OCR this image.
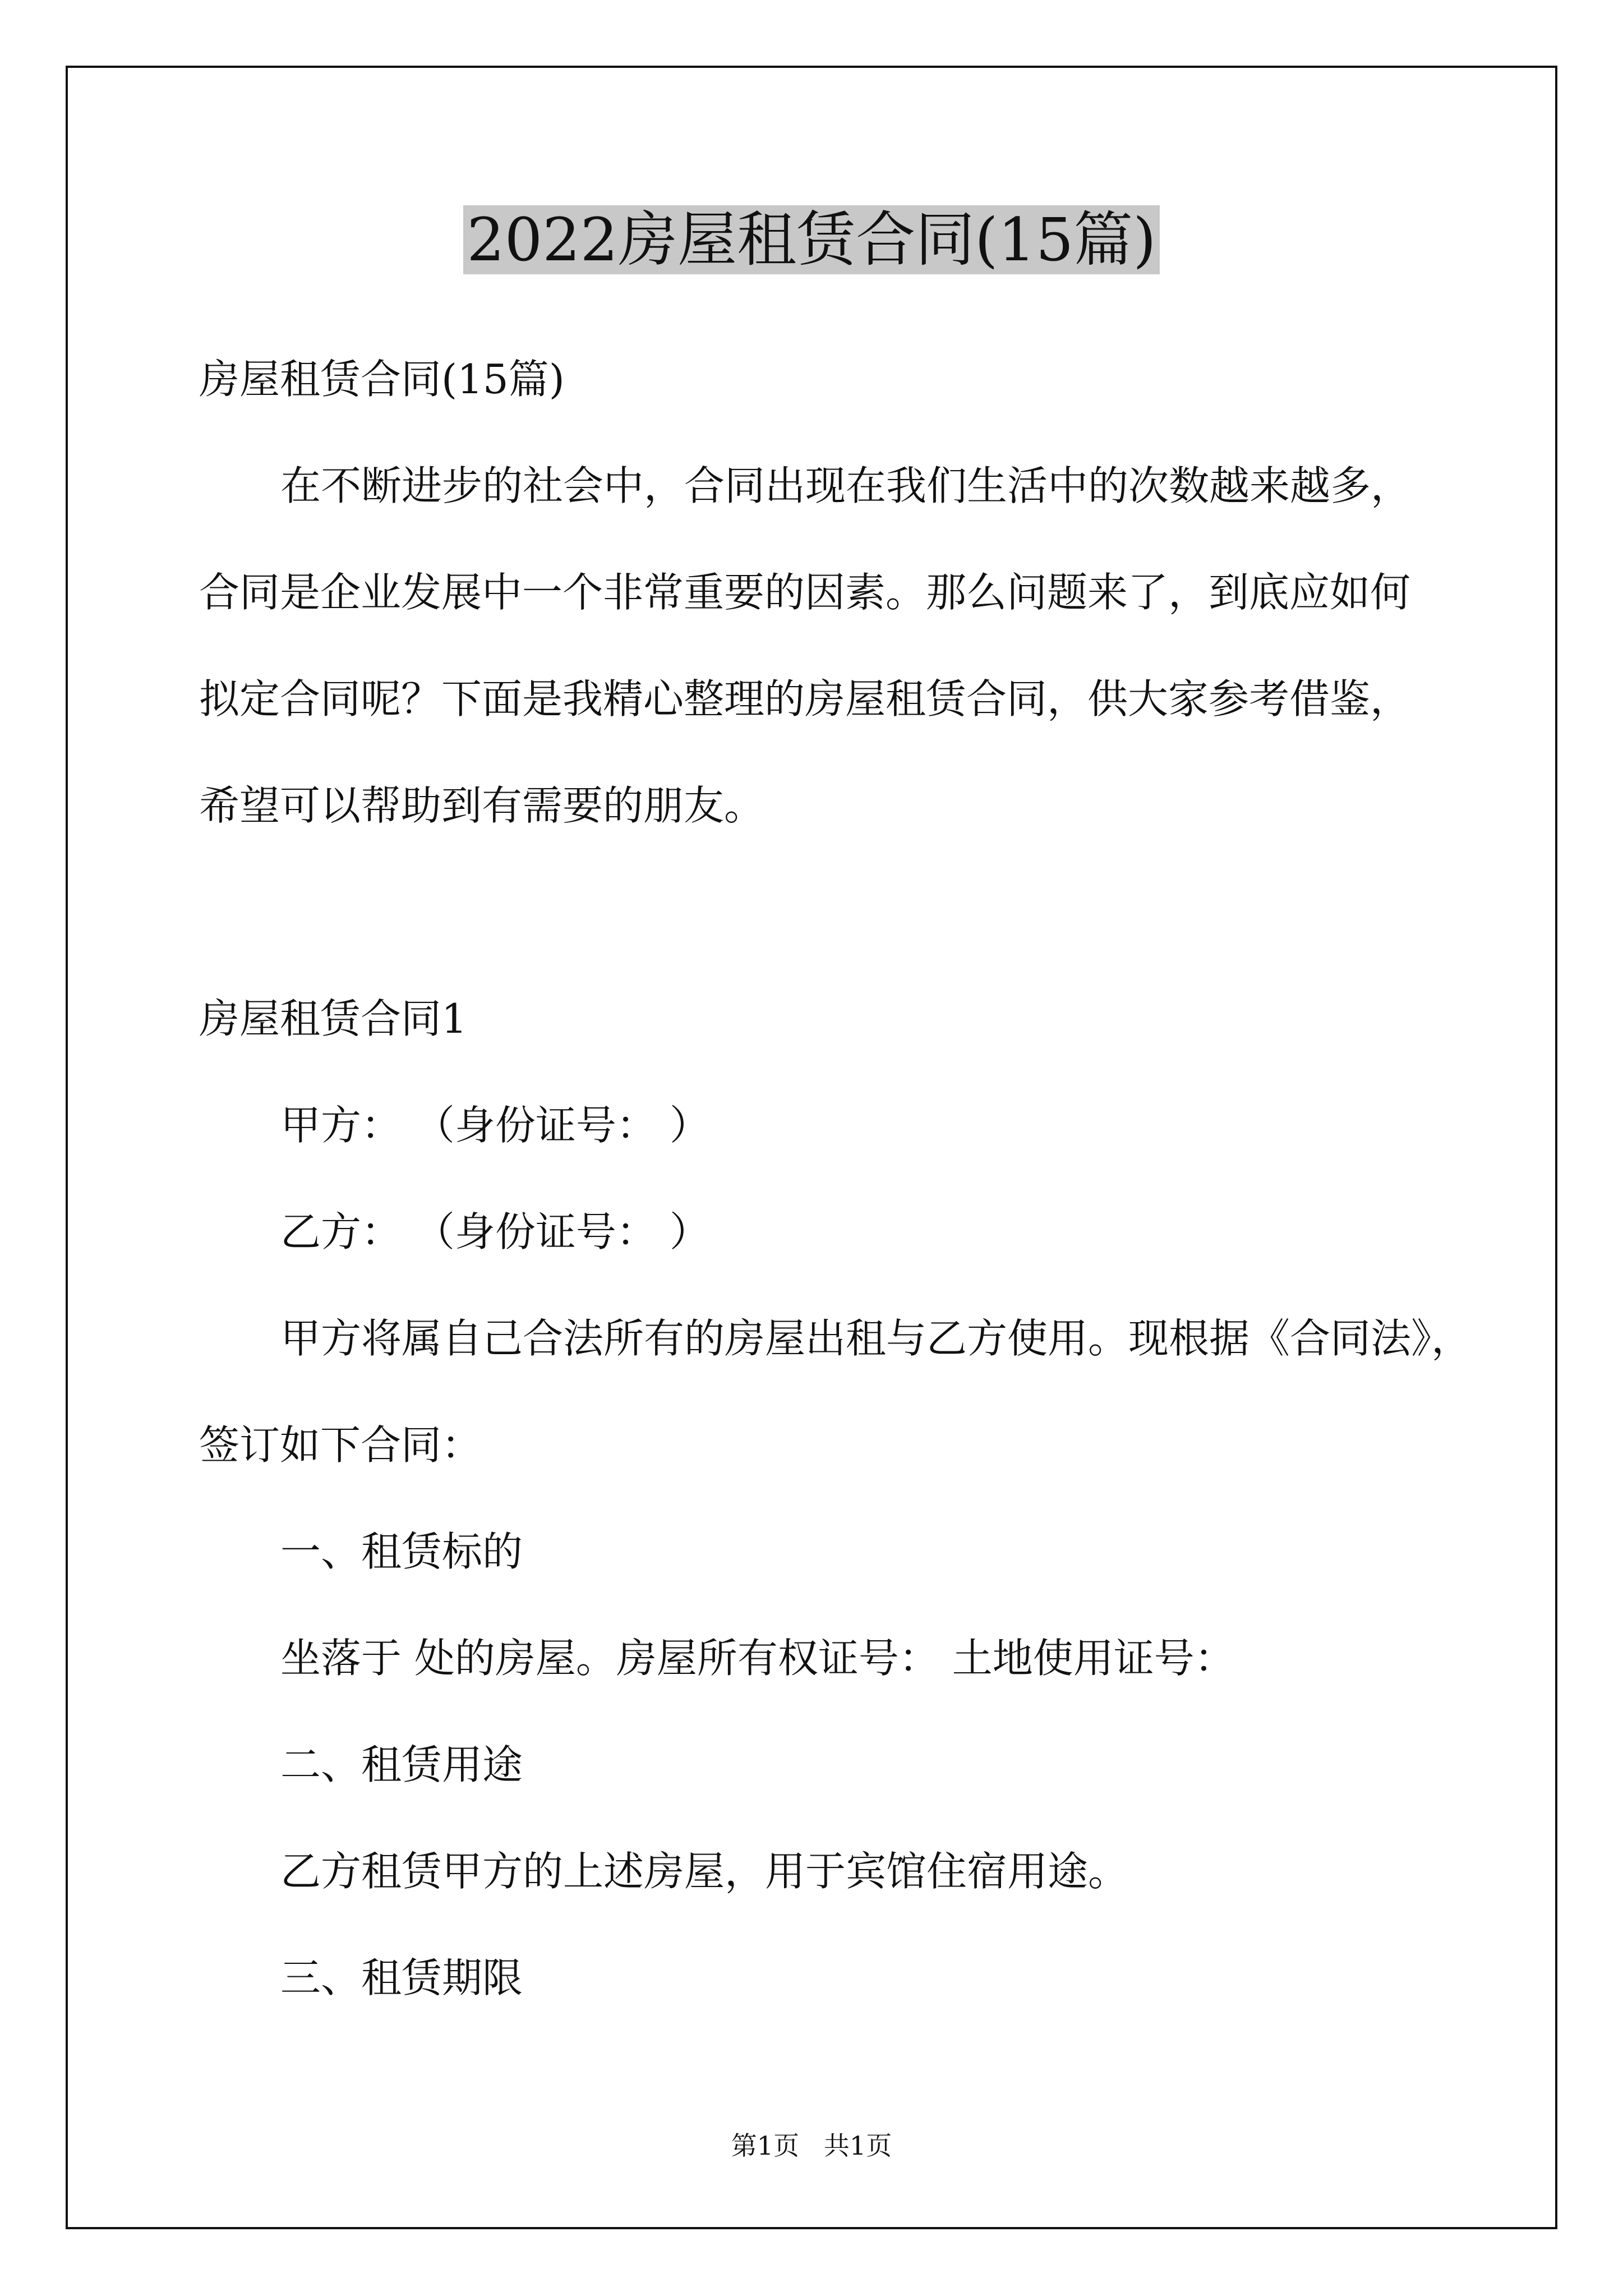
2022房屋租赁合同(15篇)

房屋租赁合同(15篇)

在不断进步的社会中，合同出现在我们生活中的次数越来越多，

合同是企业发展中一个非常重要的因素。那么问题来了，到底应如何

拟定合同呢？下面是我精心整理的房屋租赁合同，供大家参考借鉴，

希望可以帮助到有需要的朋友。

房屋租赁合同1

甲方： （身份证号： ）

乙方： （身份证号： ）

甲方将属自己合法所有的房屋出租与乙方使用。现根据《合同法》，

签订如下合同：

一、租赁标的

坐落于 处的房屋。房屋所有权证号： 土地使用证号：

二、租赁用途

乙方租赁甲方的上述房屋，用于宾馆住宿用途。

三、租赁期限

第1页   共1页
